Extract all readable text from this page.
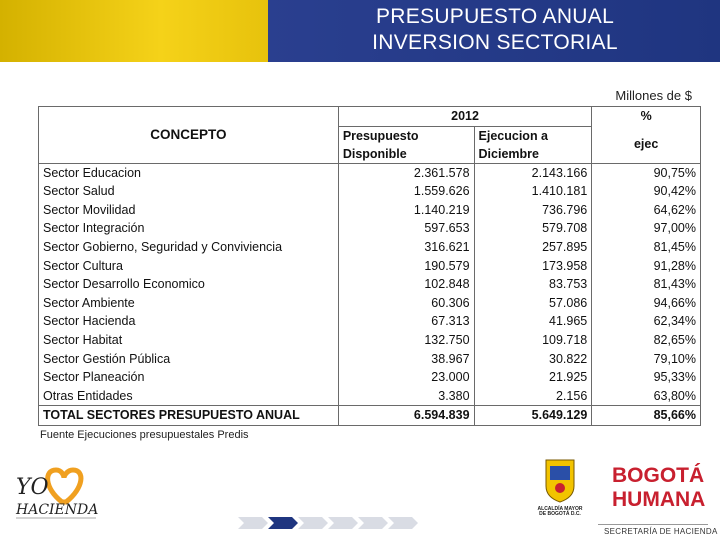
PRESUPUESTO ANUAL
INVERSION SECTORIAL
Millones de $
CONCEPTO	2012		%
	Presupuesto Disponible	Ejecucion a Diciembre	ejec

Sector Educacion	2.361.578	2.143.166	90,75%
Sector Salud	1.559.626	1.410.181	90,42%
Sector Movilidad	1.140.219	736.796	64,62%
Sector Integración	597.653	579.708	97,00%
Sector Gobierno, Seguridad y Conviviencia	316.621	257.895	81,45%
Sector Cultura	190.579	173.958	91,28%
Sector Desarrollo Economico	102.848	83.753	81,43%
Sector Ambiente	60.306	57.086	94,66%
Sector Hacienda	67.313	41.965	62,34%
Sector Habitat	132.750	109.718	82,65%
Sector Gestión Pública	38.967	30.822	79,10%
Sector Planeación	23.000	21.925	95,33%
Otras Entidades	3.380	2.156	63,80%
TOTAL SECTORES PRESUPUESTO ANUAL	6.594.839	5.649.129	85,66%
Fuente Ejecuciones presupuestales Predis
YO
HACIENDA	ALCALDÍA MAYOR
DE BOGOTÁ D.C.
BOGOTÁ
HUMANA
SECRETARÍA DE HACIENDA
